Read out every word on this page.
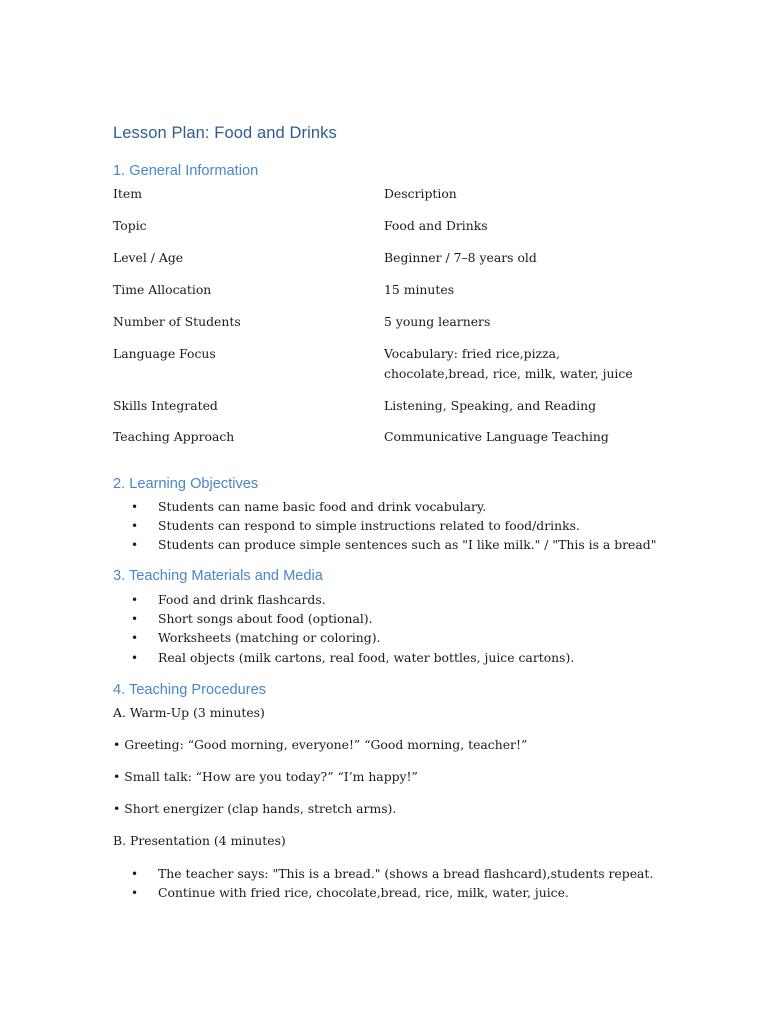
Lesson Plan: Food and Drinks
1. General Information
Item	Description
Topic	Food and Drinks
Level / Age	Beginner / 7–8 years old
Time Allocation	15 minutes
Number of Students	5 young learners
Language Focus	Vocabulary: fried rice,pizza,
chocolate,bread, rice, milk, water, juice
Skills Integrated	Listening, Speaking, and Reading
Teaching Approach	Communicative Language Teaching
2. Learning Objectives
• Students can name basic food and drink vocabulary.
• Students can respond to simple instructions related to food/drinks.
• Students can produce simple sentences such as "I like milk." / "This is a bread"
3. Teaching Materials and Media
• Food and drink flashcards.
• Short songs about food (optional).
• Worksheets (matching or coloring).
• Real objects (milk cartons, real food, water bottles, juice cartons).
4. Teaching Procedures
A. Warm-Up (3 minutes)
• Greeting: “Good morning, everyone!” “Good morning, teacher!”
• Small talk: “How are you today?” “I’m happy!”
• Short energizer (clap hands, stretch arms).
B. Presentation (4 minutes)
• The teacher says: "This is a bread." (shows a bread flashcard),students repeat.
• Continue with fried rice, chocolate,bread, rice, milk, water, juice.
